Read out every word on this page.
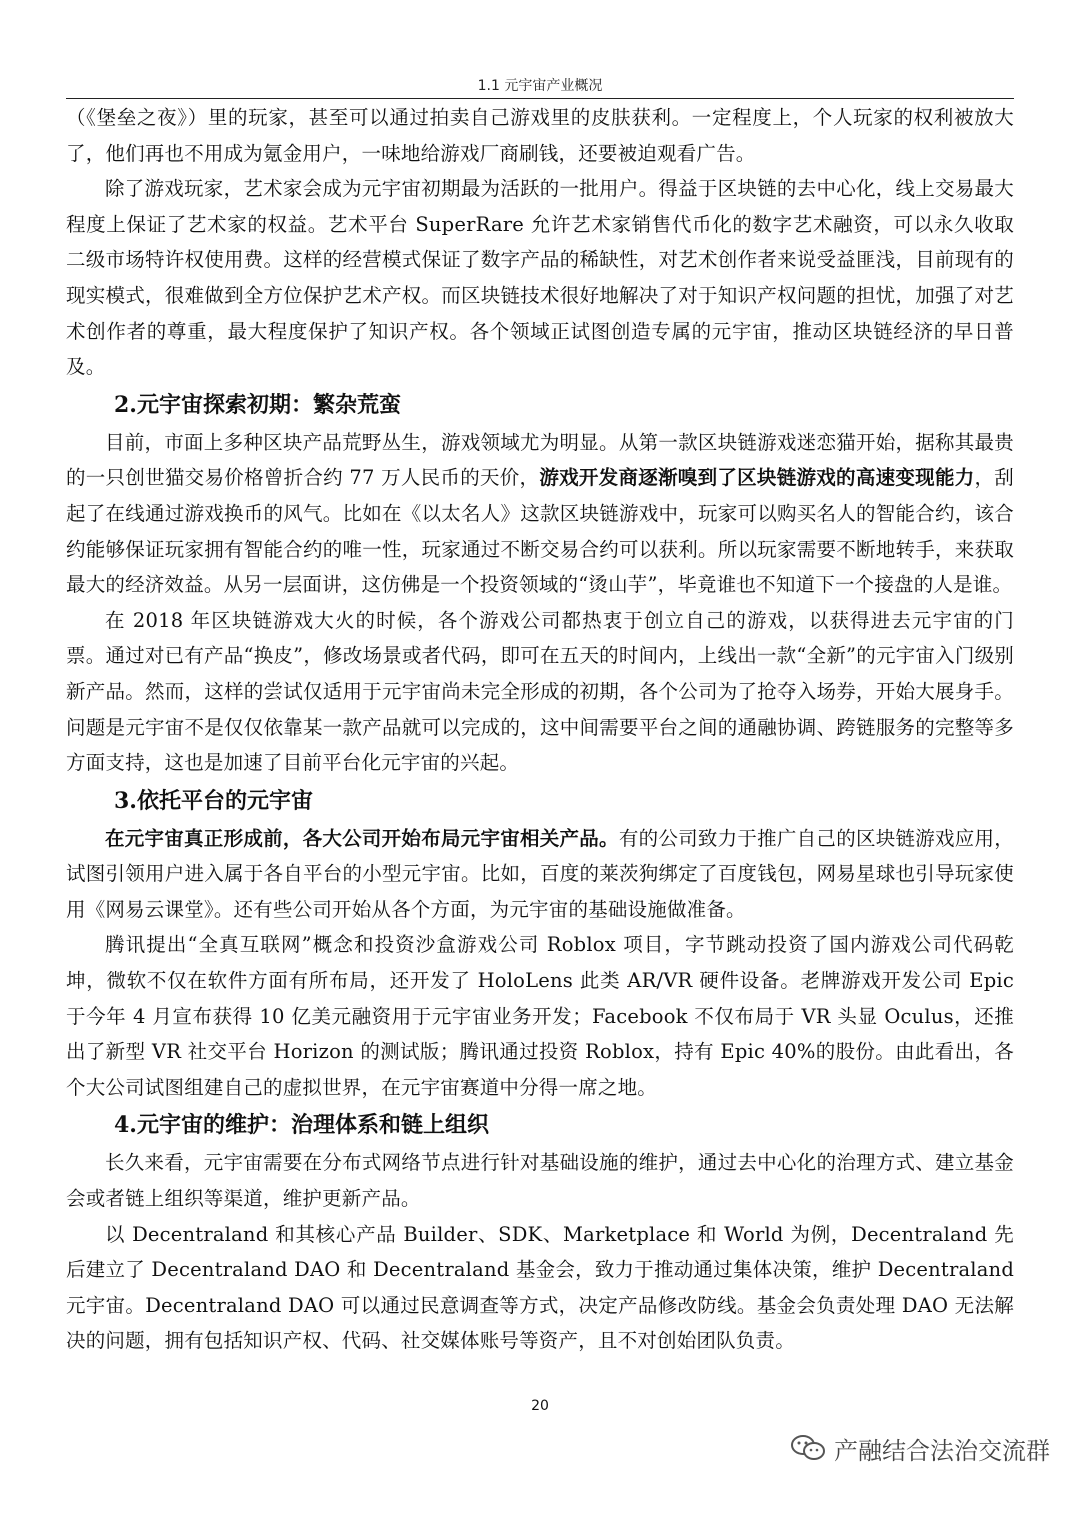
1.1 元宇宙产业概况

（《堡垒之夜》）里的玩家，甚至可以通过拍卖自己游戏里的皮肤获利。一定程度上，个人玩家的权利被放大了，他们再也不用成为氪金用户，一味地给游戏厂商刷钱，还要被迫观看广告。

除了游戏玩家，艺术家会成为元宇宙初期最为活跃的一批用户。得益于区块链的去中心化，线上交易最大程度上保证了艺术家的权益。艺术平台 SuperRare 允许艺术家销售代币化的数字艺术融资，可以永久收取二级市场特许权使用费。这样的经营模式保证了数字产品的稀缺性，对艺术创作者来说受益匪浅，目前现有的现实模式，很难做到全方位保护艺术产权。而区块链技术很好地解决了对于知识产权问题的担忧，加强了对艺术创作者的尊重，最大程度保护了知识产权。各个领域正试图创造专属的元宇宙，推动区块链经济的早日普及。

2.元宇宙探索初期：繁杂荒蛮

目前，市面上多种区块产品荒野丛生，游戏领域尤为明显。从第一款区块链游戏迷恋猫开始，据称其最贵的一只创世猫交易价格曾折合约 77 万人民币的天价，游戏开发商逐渐嗅到了区块链游戏的高速变现能力，刮起了在线通过游戏换币的风气。比如在《以太名人》这款区块链游戏中，玩家可以购买名人的智能合约，该合约能够保证玩家拥有智能合约的唯一性，玩家通过不断交易合约可以获利。所以玩家需要不断地转手，来获取最大的经济效益。从另一层面讲，这仿佛是一个投资领域的“烫山芋”，毕竟谁也不知道下一个接盘的人是谁。

在 2018 年区块链游戏大火的时候，各个游戏公司都热衷于创立自己的游戏，以获得进去元宇宙的门票。通过对已有产品“换皮”，修改场景或者代码，即可在五天的时间内，上线出一款“全新”的元宇宙入门级别新产品。然而，这样的尝试仅适用于元宇宙尚未完全形成的初期，各个公司为了抢夺入场券，开始大展身手。问题是元宇宙不是仅仅依靠某一款产品就可以完成的，这中间需要平台之间的通融协调、跨链服务的完整等多方面支持，这也是加速了目前平台化元宇宙的兴起。

3.依托平台的元宇宙

在元宇宙真正形成前，各大公司开始布局元宇宙相关产品。有的公司致力于推广自己的区块链游戏应用，试图引领用户进入属于各自平台的小型元宇宙。比如，百度的莱茨狗绑定了百度钱包，网易星球也引导玩家使用《网易云课堂》。还有些公司开始从各个方面，为元宇宙的基础设施做准备。

腾讯提出“全真互联网”概念和投资沙盒游戏公司 Roblox 项目，字节跳动投资了国内游戏公司代码乾坤，微软不仅在软件方面有所布局，还开发了 HoloLens 此类 AR/VR 硬件设备。老牌游戏开发公司 Epic 于今年 4 月宣布获得 10 亿美元融资用于元宇宙业务开发；Facebook 不仅布局于 VR 头显 Oculus，还推出了新型 VR 社交平台 Horizon 的测试版；腾讯通过投资 Roblox，持有 Epic 40%的股份。由此看出，各个大公司试图组建自己的虚拟世界，在元宇宙赛道中分得一席之地。

4.元宇宙的维护：治理体系和链上组织

长久来看，元宇宙需要在分布式网络节点进行针对基础设施的维护，通过去中心化的治理方式、建立基金会或者链上组织等渠道，维护更新产品。

以 Decentraland 和其核心产品 Builder、SDK、Marketplace 和 World 为例，Decentraland 先后建立了 Decentraland DAO 和 Decentraland 基金会，致力于推动通过集体决策，维护 Decentraland 元宇宙。Decentraland DAO 可以通过民意调查等方式，决定产品修改防线。基金会负责处理 DAO 无法解决的问题，拥有包括知识产权、代码、社交媒体账号等资产，且不对创始团队负责。

20
产融结合法治交流群
